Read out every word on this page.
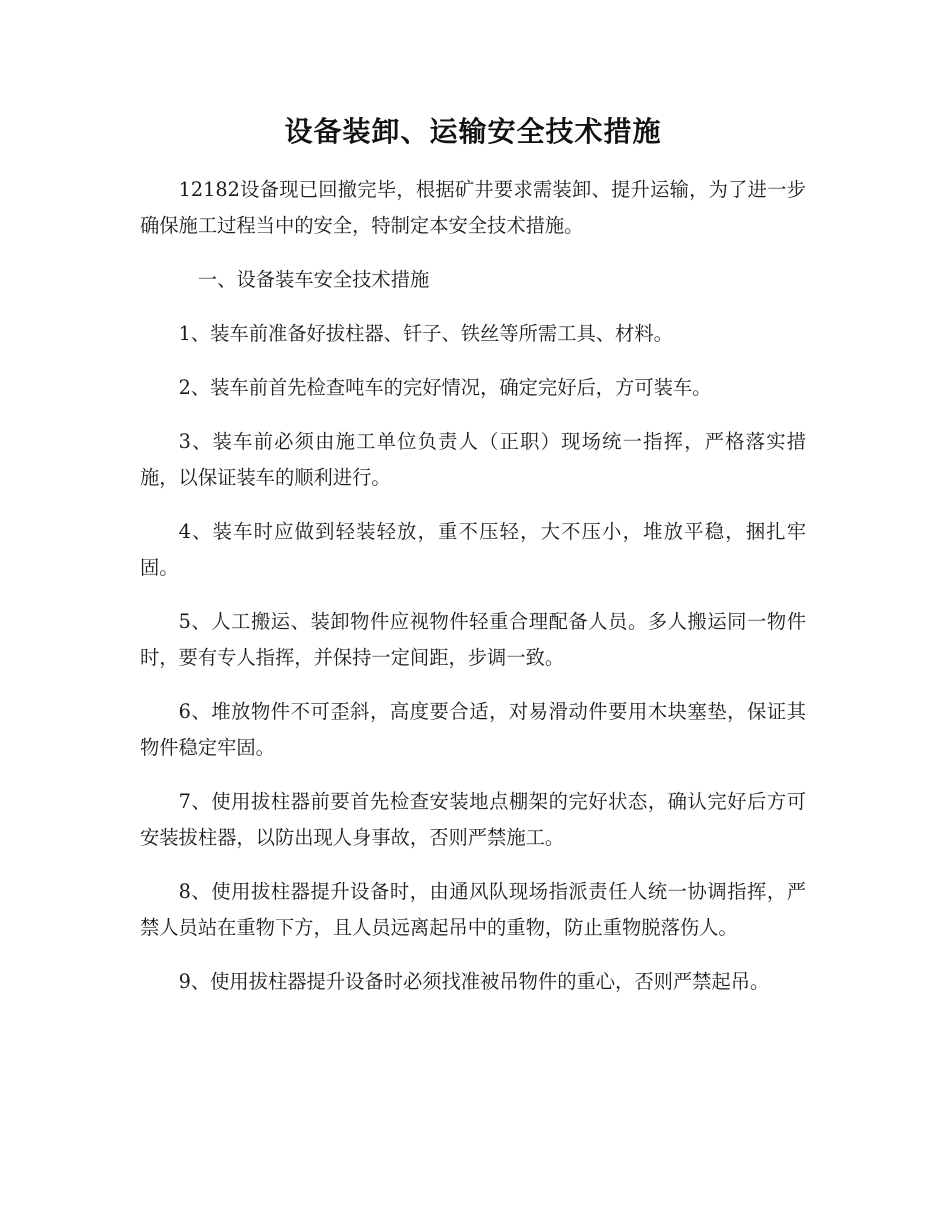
设备装卸、运输安全技术措施

12182设备现已回撤完毕，根据矿井要求需装卸、提升运输，为了进一步确保施工过程当中的安全，特制定本安全技术措施。

一、设备装车安全技术措施

1、装车前准备好拔柱器、钎子、铁丝等所需工具、材料。

2、装车前首先检查吨车的完好情况，确定完好后，方可装车。

3、装车前必须由施工单位负责人（正职）现场统一指挥，严格落实措施，以保证装车的顺利进行。

4、装车时应做到轻装轻放，重不压轻，大不压小，堆放平稳，捆扎牢固。

5、人工搬运、装卸物件应视物件轻重合理配备人员。多人搬运同一物件时，要有专人指挥，并保持一定间距，步调一致。

6、堆放物件不可歪斜，高度要合适，对易滑动件要用木块塞垫，保证其物件稳定牢固。

7、使用拔柱器前要首先检查安装地点棚架的完好状态，确认完好后方可安装拔柱器，以防出现人身事故，否则严禁施工。

8、使用拔柱器提升设备时，由通风队现场指派责任人统一协调指挥，严禁人员站在重物下方，且人员远离起吊中的重物，防止重物脱落伤人。

9、使用拔柱器提升设备时必须找准被吊物件的重心，否则严禁起吊。
